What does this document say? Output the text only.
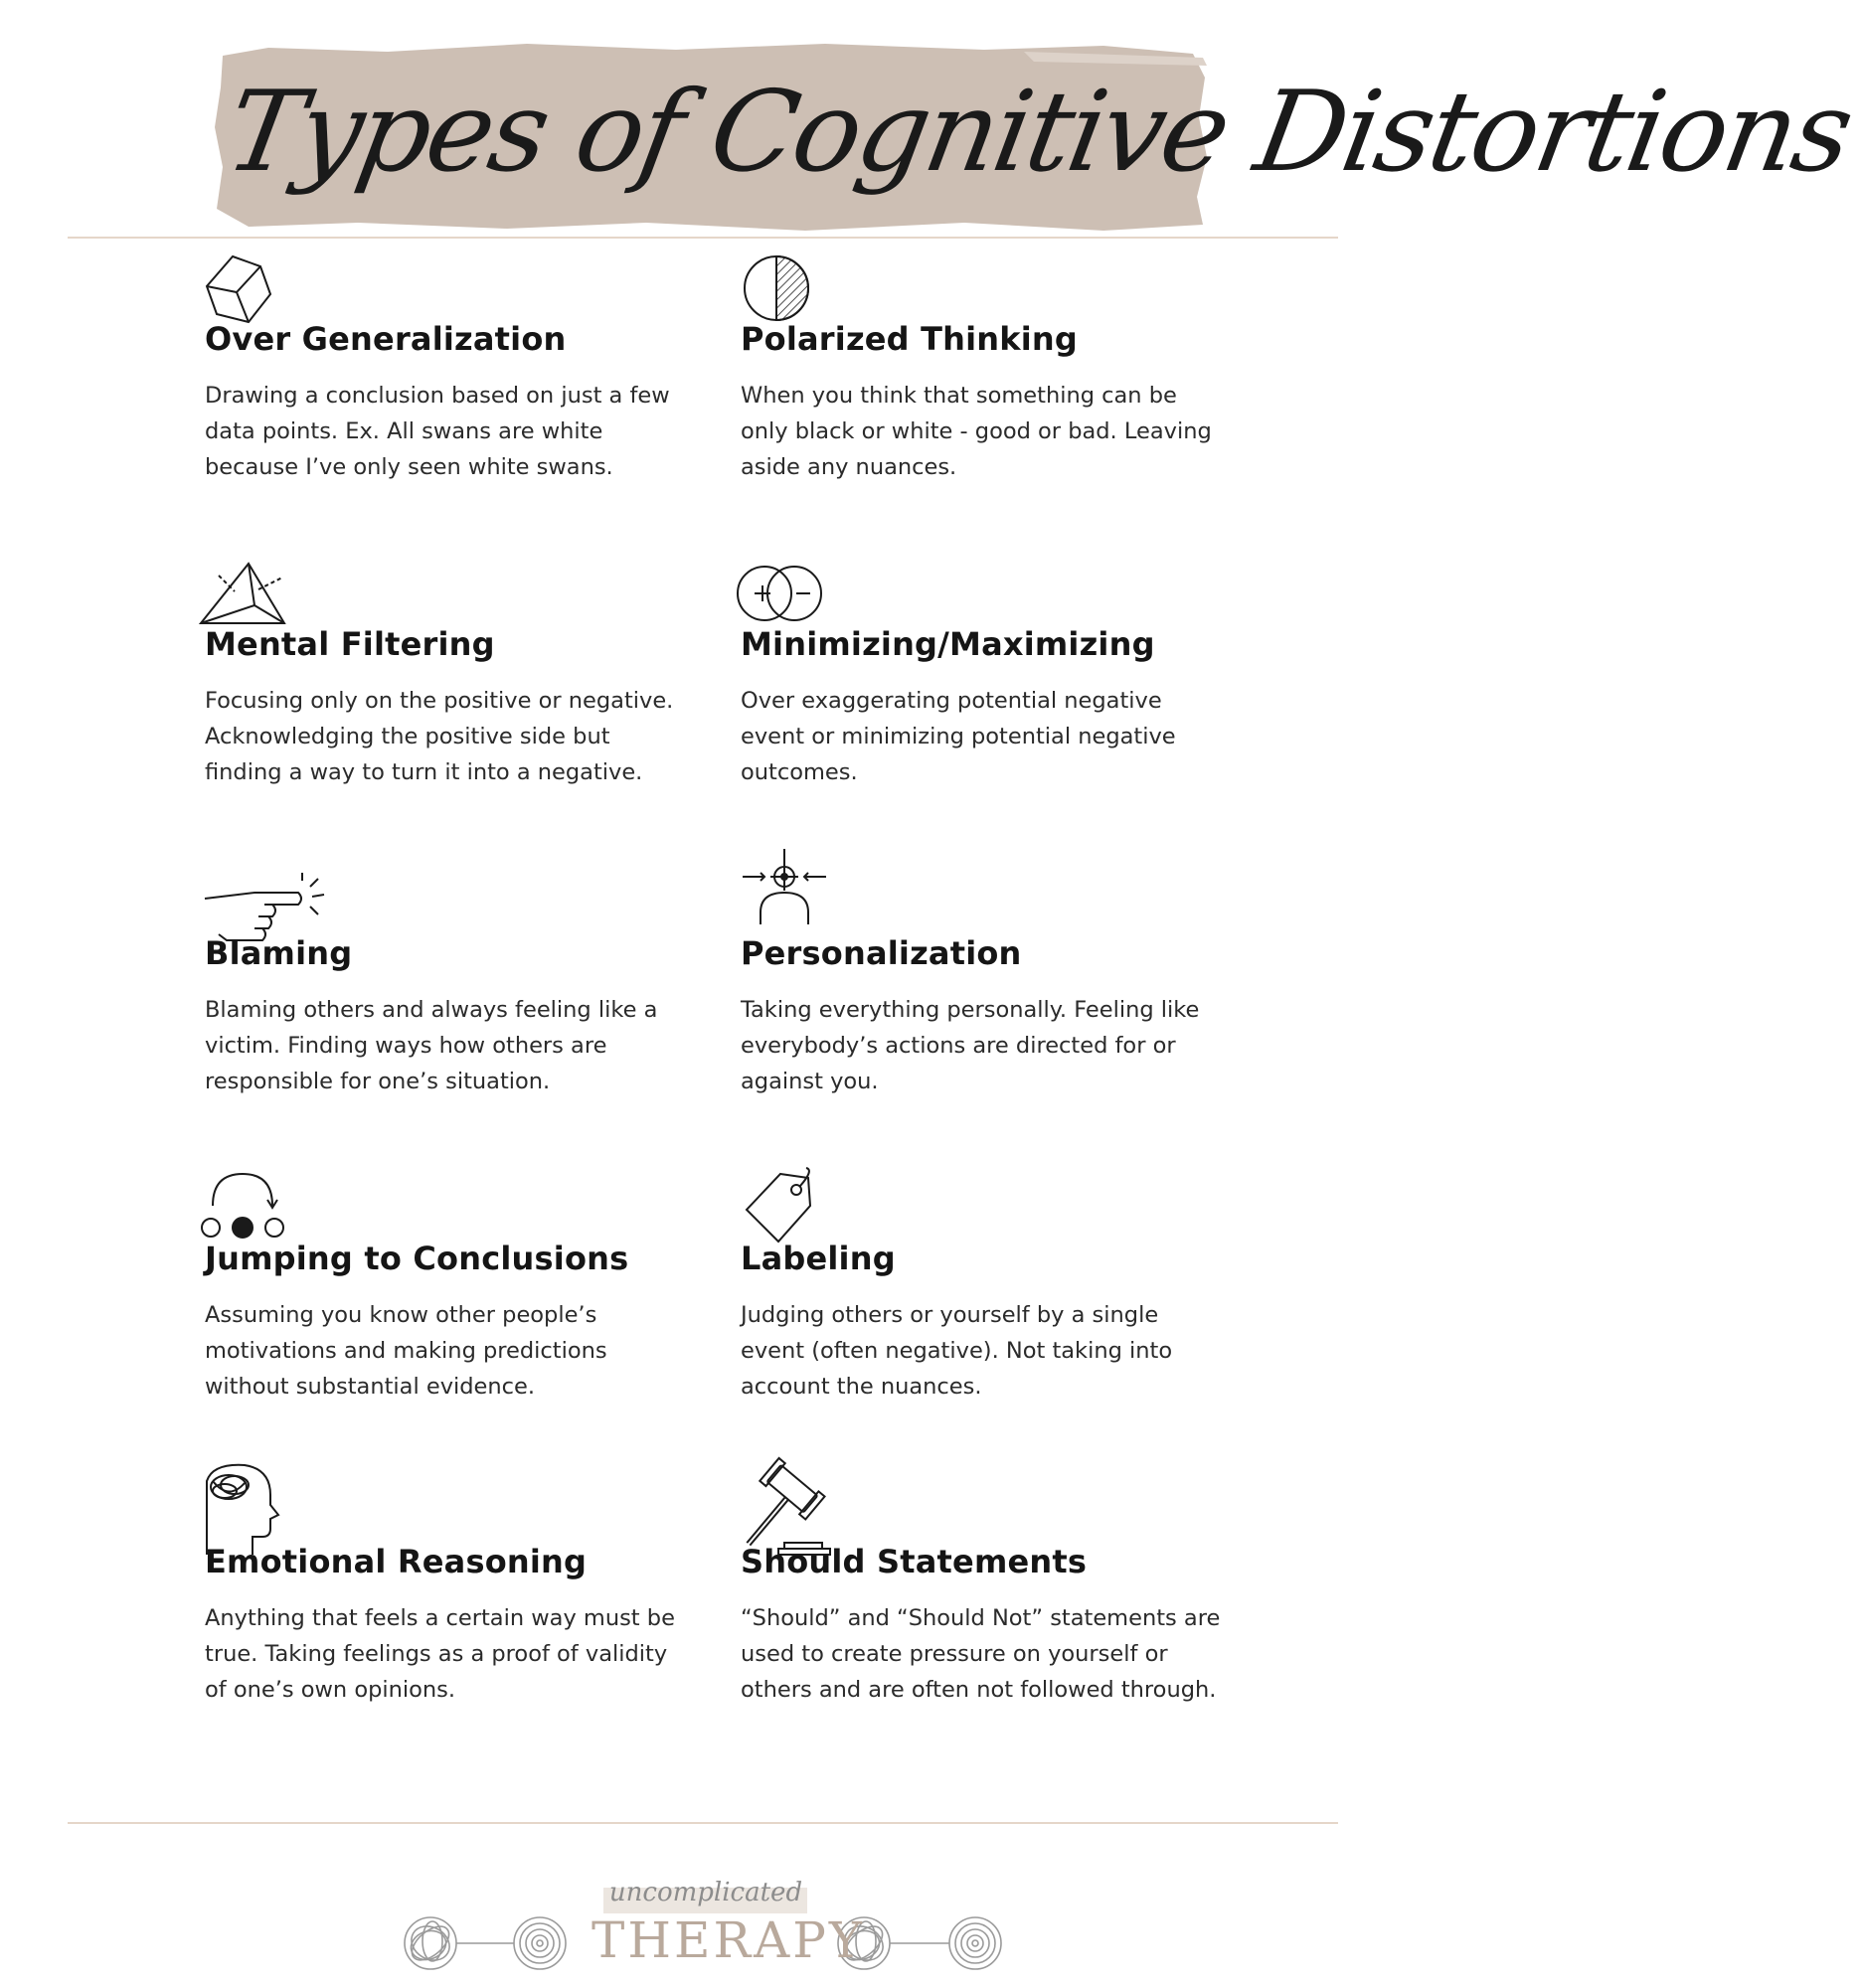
Types of Cognitive Distortions
Over Generalization

Drawing a conclusion based on just a few data points. Ex. All swans are white because I’ve only seen white swans.

Polarized Thinking

When you think that something can be only black or white - good or bad. Leaving aside any nuances.

Mental Filtering

Focusing only on the positive or negative. Acknowledging the positive side but finding a way to turn it into a negative.

Minimizing/Maximizing

Over exaggerating potential negative event or minimizing potential negative outcomes.

Blaming

Blaming others and always feeling like a victim. Finding ways how others are responsible for one’s situation.

Personalization

Taking everything personally. Feeling like everybody’s actions are directed for or against you.

Jumping to Conclusions

Assuming you know other people’s motivations and making predictions without substantial evidence.

Labeling

Judging others or yourself by a single event (often negative). Not taking into account the nuances.

Emotional Reasoning

Anything that feels a certain way must be true. Taking feelings as a proof of validity of one’s own opinions.

Should Statements

“Should” and “Should Not” statements are used to create pressure on yourself or others and are often not followed through.

uncomplicated
THERAPY
